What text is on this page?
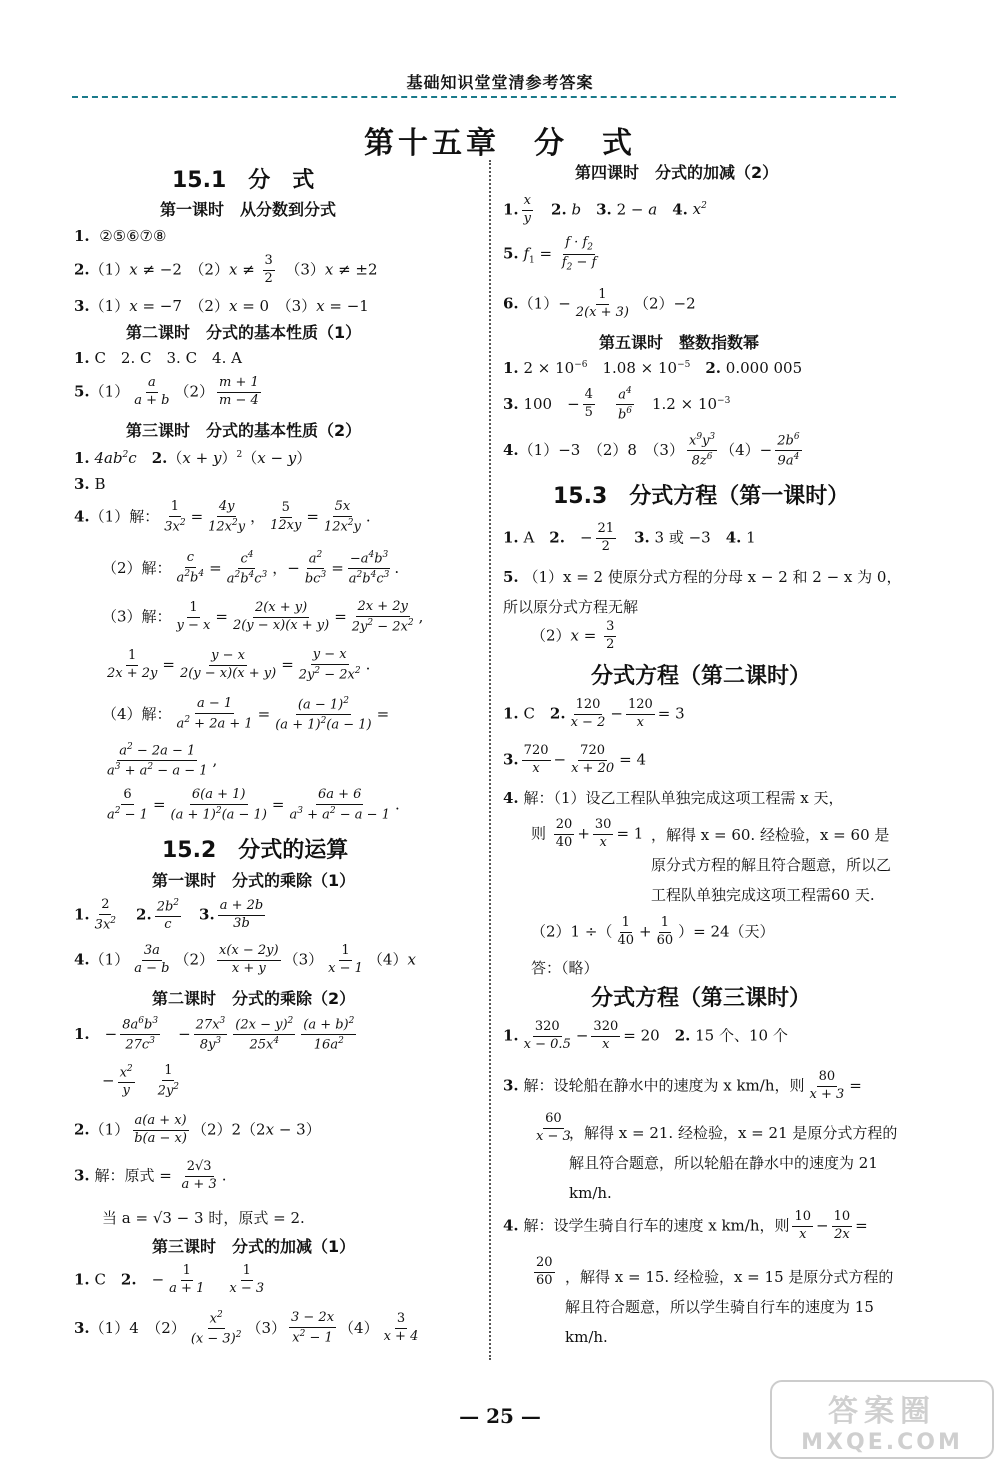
基础知识堂堂清参考答案
第十五章　分　式
15.1　分　式
第一课时　从分数到分式
1. ②⑤⑥⑦⑧
2.（1）x ≠ −2　$(2)x \ne \frac{3}{2}$ 　（3）x ≠ ±2
3.（1）x = −7　（2）x = 0　（3）x = −1
第二课时　分式的基本性质（1）
1. C　2. C　3. C　4. A
$5.(1) \frac{a}{a + b} (2) \frac{m + 1}{m - 4}$
第三课时　分式的基本性质（2）
1. $4ab^2c$　 $2.(x + y)^2(x - y)$
3. B
4.（1）解： $\frac{1}{3x^2} = \frac{4y}{12x^2y}$ ， $\frac{5}{12xy} = \frac{5x}{12x^2y}$ .
（2）解： $\frac{c}{a^2b^4} = \frac{c^4}{a^2b^4c^3}$ ，− $\frac{a^2}{bc^3} = \frac{-a^4b^3}{a^2b^4c^3}$ .
（3）解： $\frac{1}{y - x} = \frac{2(x + y)}{2(y - x)(x + y)} = \frac{2x + 2y}{2y^2 - 2x^2}$ ,
$\frac{1}{2x + 2y} = \frac{y - x}{2(y - x)(x + y)} = \frac{y - x}{2y^2 - 2x^2}$ .
（4）解： $\frac{a - 1}{a^2 + 2a + 1} = \frac{(a - 1)^2}{(a + 1)^2(a - 1)}$ =
$\frac{a^2 - 2a - 1}{a^3 + a^2 - a - 1}$ ,
$\frac{6}{a^2 - 1} = \frac{6(a + 1)}{(a + 1)^2(a - 1)} = \frac{6a + 6}{a^3 + a^2 - a - 1}$ .
15.2　分式的运算
第一课时　分式的乘除（1）
1. $\frac{2}{3x^2}$
　 2. $\frac{2b^2}{c}$
　 3. $\frac{a + 2b}{3b}$
$4.(1) \frac{3a}{a - b} (2) \frac{x(x - 2y)}{x + y} (3) \frac{1}{x - 1} (4)x$
第二课时　分式的乘除（2）
1.　− $\frac{8a^6b^3}{27c^3}$ 　− $\frac{27x^3}{8y^3} \frac{(2x - y)^2}{25x^4} \frac{(a + b)^2}{16a^2}$
− $\frac{x^2}{y}$
　 $\frac{1}{2y^2}$
$2.(1) \frac{a(a + x)}{b(a - x)} (2)2(2x - 3)$
3. 解：原式 = $\frac{2√3}{a + 3}$ .
当 a = √3 − 3 时，原式 = 2.
第三课时　分式的加减（1）
1. C　2.　− $\frac{1}{a + 1}$
　 $\frac{1}{x - 3}$
3.（1）4　$(2) \frac{x^2}{(x - 3)^2} (3) \frac{3 - 2x}{x^2 - 1} (4) \frac{3}{x + 4}$
第四课时　分式的加减（2）
1. $\frac{x}{y}$
　 2. b　 3. 2 − a　 4. $x^2$
5. $f_1 = \frac{f \cdot f_2}{f_2 - f}$
$6.(1)- \frac{1}{2(x + 3)} (2)-2$
第五课时　整数指数幂
1. $2 \times 10^{-6}$　$1.08 \times 10^{-5}$　 2. 0.000 005
3. 100　− $\frac{4}{5}$
　 $\frac{a^4}{b^6}$ 　$1.2 \times 10^{-3}$
4.（1）−3　（2）8　$(3) \frac{x^9y^3}{8z^6} (4)- \frac{2b^6}{9a^4}$
15.3　分式方程（第一课时）
1. A　2.　− $\frac{21}{2}$
　 3. 3 或 −3　4. 1
5. （1）x = 2 使原分式方程的分母 x − 2 和 2 − x 为 0，所以原分式方程无解
$(2)x = \frac{3}{2}$
分式方程（第二课时）
1. C　2. $\frac{120}{x - 2} - \frac{120}{x} = 3$
3. $\frac{720}{x} - \frac{720}{x + 20} = 4$
4. 解：（1）设乙工程队单独完成这项工程需 x 天，
则 $\frac{20}{40} + \frac{30}{x} = 1$ ，解得 x = 60. 经检验，x = 60 是原分式方程的解且符合题意，所以乙工程队单独完成这项工程需60 天.
（2）1 ÷（ $\frac{1}{40} + \frac{1}{60}$ ）= 24（天）
答：（略）
分式方程（第三课时）
1. $\frac{320}{x - 0.5} - \frac{320}{x} = 20$　2. 15 个、10 个
3. 解：设轮船在静水中的速度为 x km/h，则 $\frac{80}{x + 3}$ =
$\frac{60}{x - 3}$
，解得 x = 21. 经检验，x = 21 是原分式方程的解且符合题意，所以轮船在静水中的速度为 21 km/h.
4. 解：设学生骑自行车的速度 x km/h，则 $\frac{10}{x} - \frac{10}{2x}$ =
$\frac{20}{60}$ ，解得 x = 15. 经检验，x = 15 是原分式方程的解且符合题意，所以学生骑自行车的速度为 15 km/h.
— 25 —	答案圈
MXQE.COM
